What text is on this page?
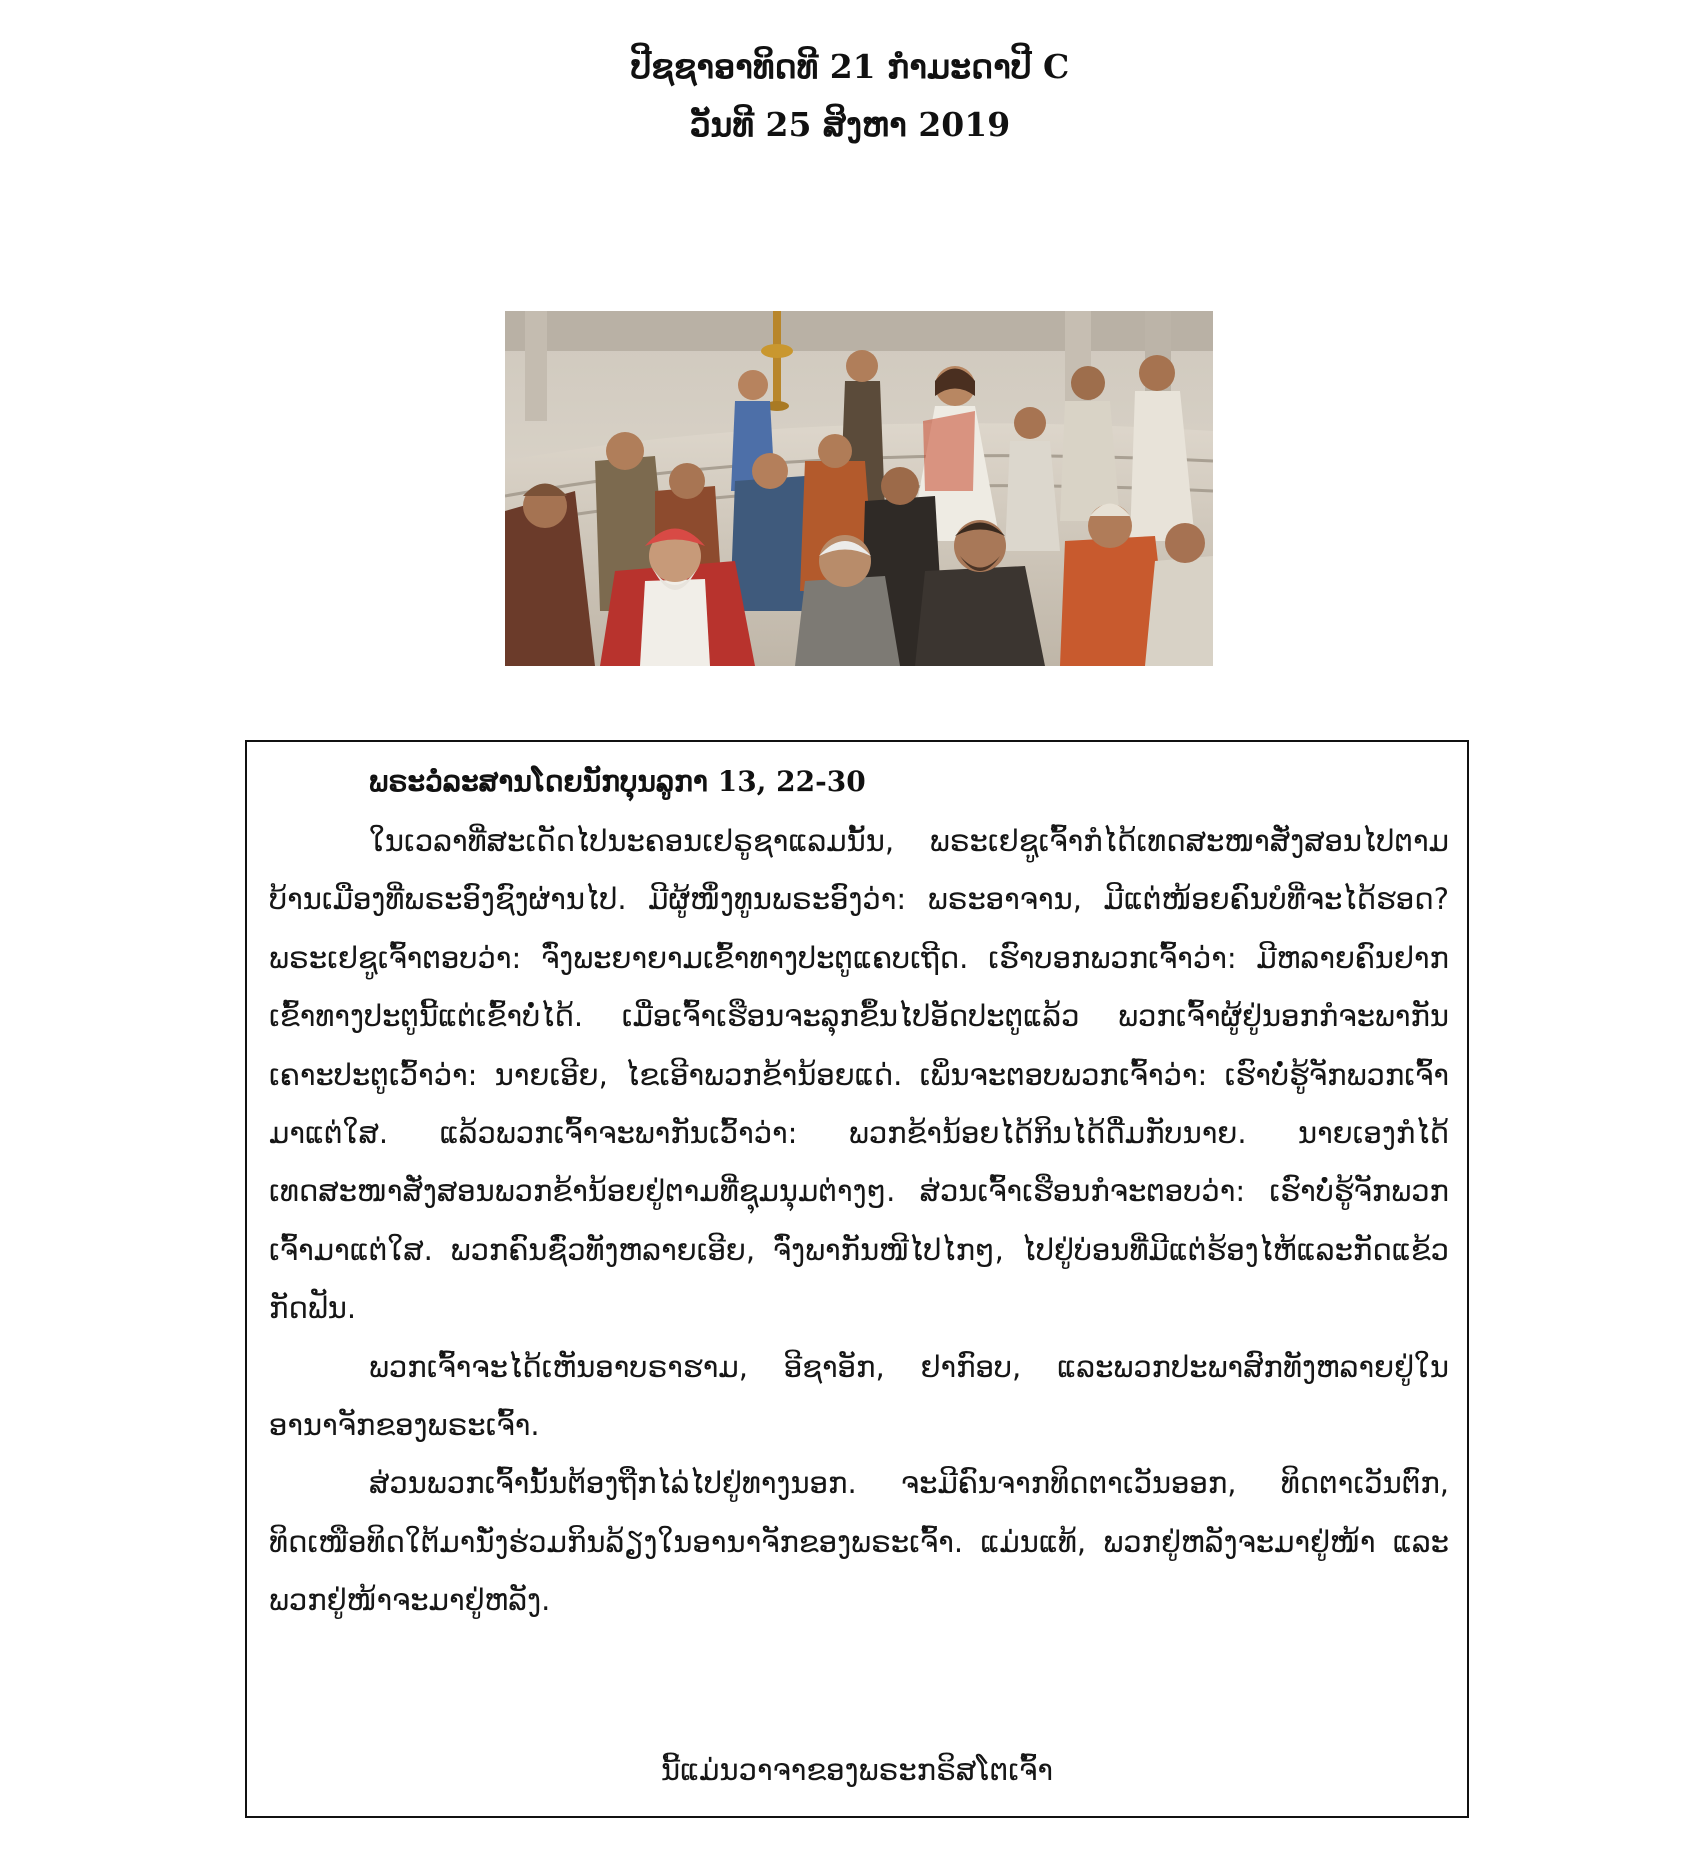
ປີຊຊາອາທິດທີ 21 ກຳມະດາປີ C
ວັນທີ 25 ສິງຫາ 2019
ພຣະວໍລະສານໂດຍນັກບຸນລູກາ 13, 22-30

ໃນເວລາທີ່ສະເດັດໄປນະຄອນເຢຣູຊາແລມນັ້ນ, ພຣະເຢຊູເຈົ້າກໍໄດ້ເທດສະໜາສັ່ງສອນໄປຕາມບ້ານເມືອງທີ່ພຣະອົງຊົງຜ່ານໄປ. ມີຜູ້ໜຶ່ງທູນພຣະອົງວ່າ: ພຣະອາຈານ, ມີແຕ່ໜ້ອຍຄົນບໍທີ່ຈະໄດ້ຮອດ? ພຣະເຢຊູເຈົ້າຕອບວ່າ: ຈົ່ງພະຍາຍາມເຂົ້າທາງປະຕູແຄບເຖີດ. ເຮົາບອກພວກເຈົ້າວ່າ: ມີຫລາຍຄົນຢາກເຂົ້າທາງປະຕູນີ້ແຕ່ເຂົ້າບໍ່ໄດ້. ເມື່ອເຈົ້າເຮືອນຈະລຸກຂຶ້ນໄປອັດປະຕູແລ້ວ ພວກເຈົ້າຜູ້ຢູ່ນອກກໍຈະພາກັນເຄາະປະຕູເວົ້າວ່າ: ນາຍເອີຍ, ໄຂເອີາພວກຂ້ານ້ອຍແດ່. ເພິ່ນຈະຕອບພວກເຈົ້າວ່າ: ເຮົາບໍ່ຮູ້ຈັກພວກເຈົ້າມາແຕ່ໃສ. ແລ້ວພວກເຈົ້າຈະພາກັນເວົ້າວ່າ: ພວກຂ້ານ້ອຍໄດ້ກິນໄດ້ດື່ມກັບນາຍ. ນາຍເອງກໍໄດ້ເທດສະໜາສັ່ງສອນພວກຂ້ານ້ອຍຢູ່ຕາມທີ່ຊຸມນຸມຕ່າງໆ. ສ່ວນເຈົ້າເຮືອນກໍຈະຕອບວ່າ: ເຮົາບໍ່ຮູ້ຈັກພວກເຈົ້າມາແຕ່ໃສ. ພວກຄົນຊົ່ວທັງຫລາຍເອີຍ, ຈົ່ງພາກັນໜີໄປໄກໆ, ໄປຢູ່ບ່ອນທີ່ມີແຕ່ຮ້ອງໄຫ້ແລະກັດແຂ້ວກັດຟັນ.

ພວກເຈົ້າຈະໄດ້ເຫັນອາບຣາຮາມ, ອີຊາອັກ, ຢາກົອບ, ແລະພວກປະພາສົກທັງຫລາຍຢູ່ໃນອານາຈັກຂອງພຣະເຈົ້າ.

ສ່ວນພວກເຈົ້ານັ້ນຕ້ອງຖືກໄລ່ໄປຢູ່ທາງນອກ. ຈະມີຄົນຈາກທິດຕາເວັນອອກ, ທິດຕາເວັນຕົກ, ທິດເໜືອທິດໃຕ້ມານັ່ງຮ່ວມກິນລ້ຽງໃນອານາຈັກຂອງພຣະເຈົ້າ. ແມ່ນແທ້, ພວກຢູ່ຫລັງຈະມາຢູ່ໜ້າ ແລະພວກຢູ່ໜ້າຈະມາຢູ່ຫລັງ.

ນີ້ແມ່ນວາຈາຂອງພຣະກຣິສໂຕເຈົ້າ
